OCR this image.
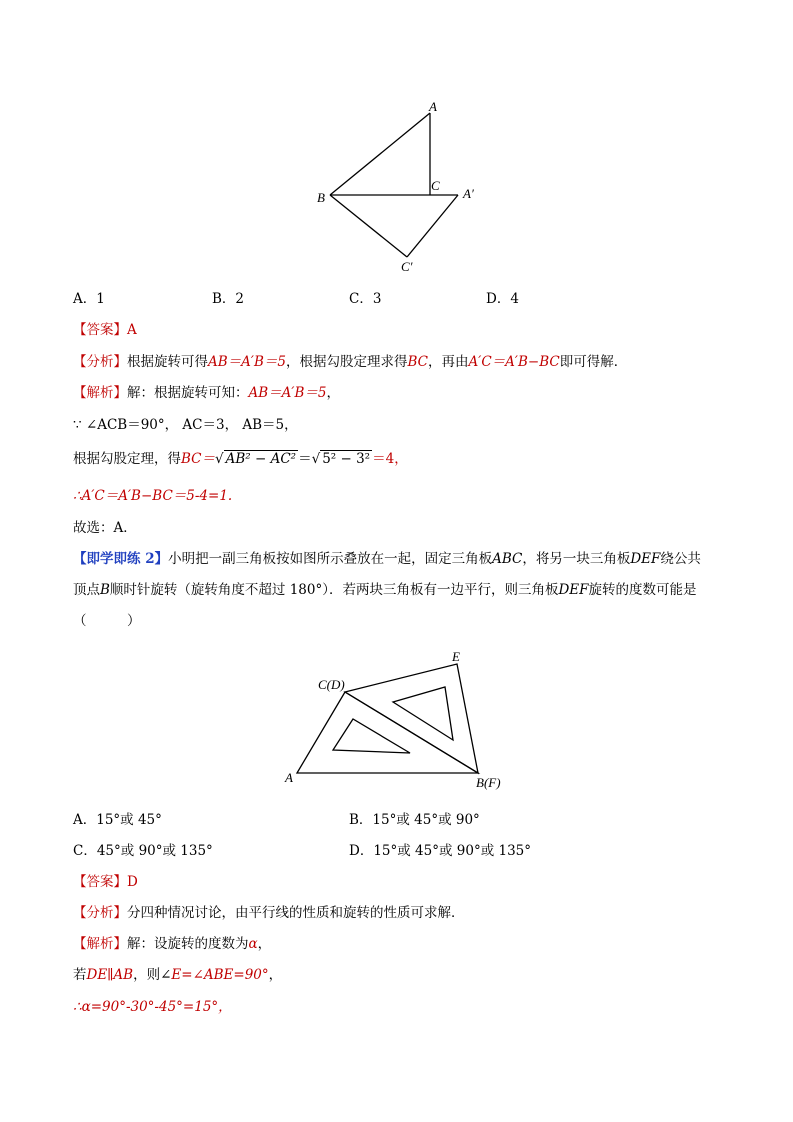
A
B
C
A′
C′
A．1	B．2	C．3	D．4
【答案】A
【分析】根据旋转可得AB＝A′B＝5，根据勾股定理求得BC，再由A′C＝A′B−BC即可得解．
【解析】解：根据旋转可知：AB＝A′B＝5，
∵ ∠ACB＝90°， AC＝3， AB＝5，
根据勾股定理，得BC＝√ AB² − AC² ＝√ 5² − 3² ＝4，
∴A′C＝A′B−BC＝5-4=1.
故选：A．
【即学即练 2】小明把一副三角板按如图所示叠放在一起，固定三角板ABC，将另一块三角板DEF绕公共
顶点B顺时针旋转（旋转角度不超过 180°）．若两块三角板有一边平行，则三角板DEF旋转的度数可能是
（　　　）
C(D)
E
A	B(F)
A．15°或 45°	B．15°或 45°或 90°
C．45°或 90°或 135°	D．15°或 45°或 90°或 135°
【答案】D
【分析】分四种情况讨论，由平行线的性质和旋转的性质可求解．
【解析】解：设旋转的度数为α，
若DE∥AB，则∠E=∠ABE=90°，
∴α=90°-30°-45°=15°，
